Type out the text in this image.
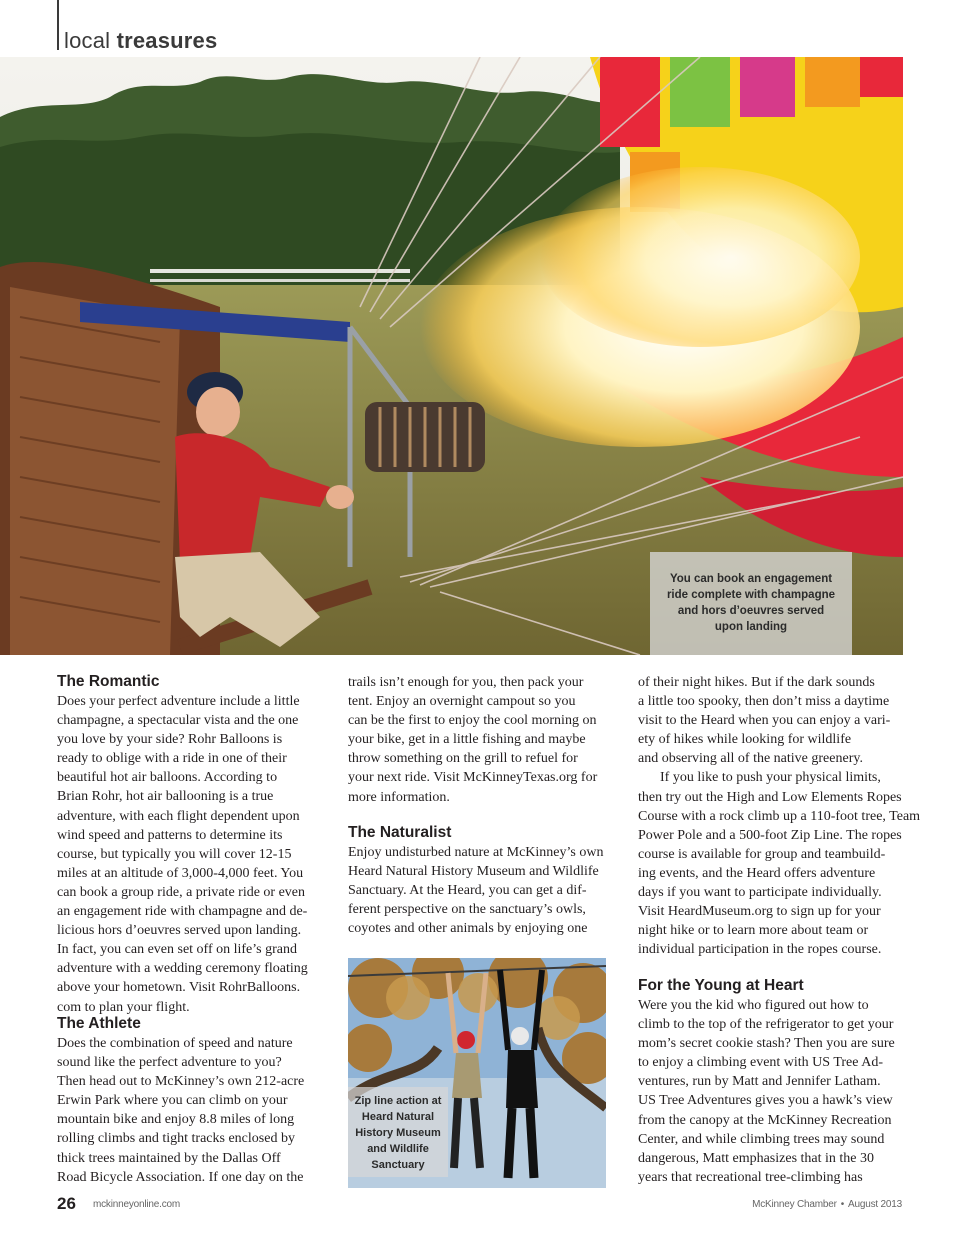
local treasures
You can book an engagement
ride complete with champagne
and hors d’oeuvres served
upon landing
The Romantic

Does your perfect adventure include a little

champagne, a spectacular vista and the one

you love by your side? Rohr Balloons is

ready to oblige with a ride in one of their

beautiful hot air balloons. According to

Brian Rohr, hot air ballooning is a true

adventure, with each flight dependent upon

wind speed and patterns to determine its

course, but typically you will cover 12-15

miles at an altitude of 3,000-4,000 feet. You

can book a group ride, a private ride or even

an engagement ride with champagne and de-

licious hors d’oeuvres served upon landing.

In fact, you can even set off on life’s grand

adventure with a wedding ceremony floating

above your hometown. Visit RohrBalloons.

com to plan your flight.

The Athlete

Does the combination of speed and nature

sound like the perfect adventure to you?

Then head out to McKinney’s own 212-acre

Erwin Park where you can climb on your

mountain bike and enjoy 8.8 miles of long

rolling climbs and tight tracks enclosed by

thick trees maintained by the Dallas Off

Road Bicycle Association. If one day on the

trails isn’t enough for you, then pack your

tent. Enjoy an overnight campout so you

can be the first to enjoy the cool morning on

your bike, get in a little fishing and maybe

throw something on the grill to refuel for

your next ride. Visit McKinneyTexas.org for

more information.

The Naturalist

Enjoy undisturbed nature at McKinney’s own

Heard Natural History Museum and Wildlife

Sanctuary. At the Heard, you can get a dif-

ferent perspective on the sanctuary’s owls,

coyotes and other animals by enjoying one

Zip line action at
Heard Natural
History Museum
and Wildlife
Sanctuary

of their night hikes. But if the dark sounds

a little too spooky, then don’t miss a daytime

visit to the Heard when you can enjoy a vari-

ety of hikes while looking for wildlife

and observing all of the native greenery.

If you like to push your physical limits,

then try out the High and Low Elements Ropes

Course with a rock climb up a 110-foot tree, Team

Power Pole and a 500-foot Zip Line. The ropes

course is available for group and teambuild-

ing events, and the Heard offers adventure

days if you want to participate individually.

Visit HeardMuseum.org to sign up for your

night hike or to learn more about team or

individual participation in the ropes course.

For the Young at Heart

Were you the kid who figured out how to

climb to the top of the refrigerator to get your

mom’s secret cookie stash? Then you are sure

to enjoy a climbing event with US Tree Ad-

ventures, run by Matt and Jennifer Latham.

US Tree Adventures gives you a hawk’s view

from the canopy at the McKinney Recreation

Center, and while climbing trees may sound

dangerous, Matt emphasizes that in the 30

years that recreational tree-climbing has

26 mckinneyonline.com	McKinney Chamber • August 2013
